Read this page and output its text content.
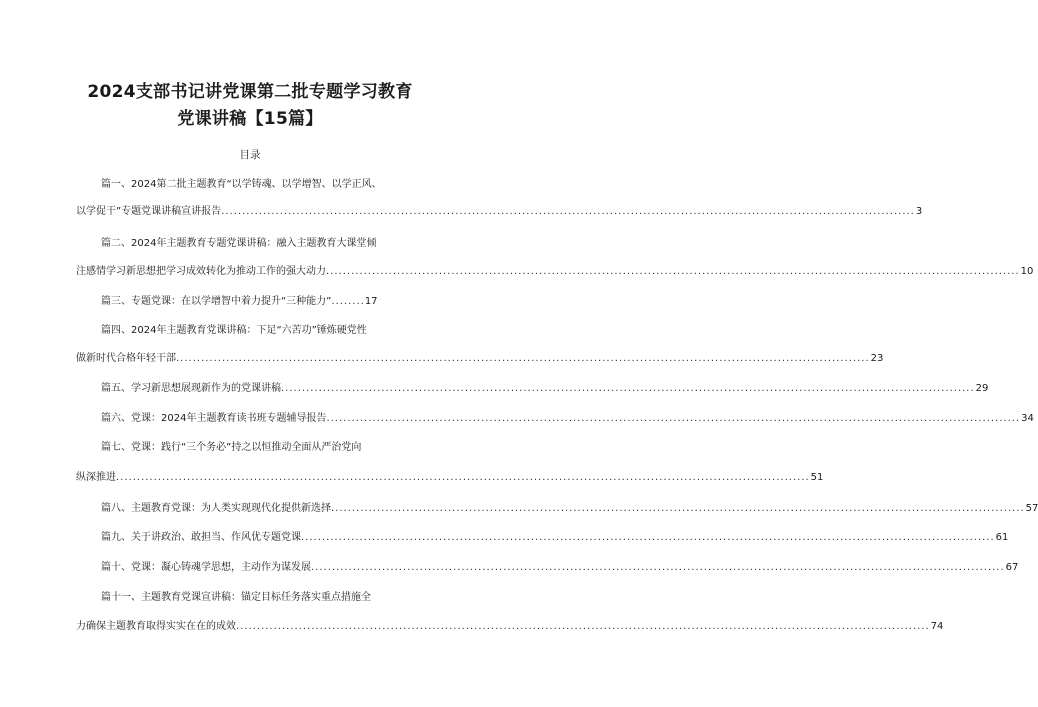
2024支部书记讲党课第二批专题学习教育
党课讲稿【15篇】
目录
篇一、2024第二批主题教育“以学铸魂、以学增智、以学正风、
以学促干”专题党课讲稿宣讲报告 ...................................................................................................................................................................... 3
篇二、2024年主题教育专题党课讲稿：融入主题教育大课堂倾
注感情学习新思想把学习成效转化为推动工作的强大动力 ...................................................................................................................................................................... 10
篇三、专题党课：在以学增智中着力提升“三种能力” ........ 17
篇四、2024年主题教育党课讲稿：下足“六苦功”锤炼硬党性
做新时代合格年轻干部 ...................................................................................................................................................................... 23
篇五、学习新思想展现新作为的党课讲稿 ...................................................................................................................................................................... 29
篇六、党课：2024年主题教育读书班专题辅导报告 ...................................................................................................................................................................... 34
篇七、党课：践行“三个务必”持之以恒推动全面从严治党向
纵深推进 ...................................................................................................................................................................... 51
篇八、主题教育党课：为人类实现现代化提供新选择 ...................................................................................................................................................................... 57
篇九、关于讲政治、敢担当、作风优专题党课 ...................................................................................................................................................................... 61
篇十、党课：凝心铸魂学思想，主动作为谋发展 ...................................................................................................................................................................... 67
篇十一、主题教育党课宣讲稿：锚定目标任务落实重点措施全
力确保主题教育取得实实在在的成效 ...................................................................................................................................................................... 74
